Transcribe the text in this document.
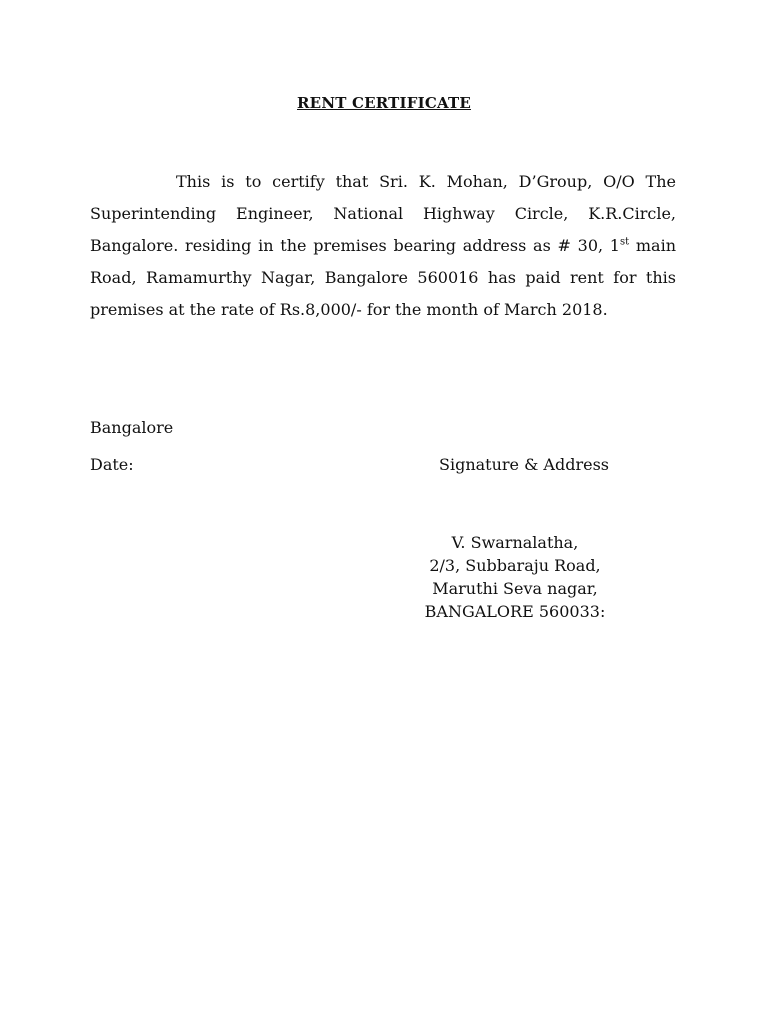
RENT CERTIFICATE

This is to certify that Sri. K. Mohan, D’Group, O/O The Superintending Engineer, National Highway Circle, K.R.Circle, Bangalore. residing in the premises bearing address as # 30, 1st main Road, Ramamurthy Nagar, Bangalore 560016 has paid rent for this premises at the rate of Rs.8,000/- for the month of March 2018.

Bangalore
Date:	Signature & Address
V. Swarnalatha,
2/3, Subbaraju Road,
Maruthi Seva nagar,
BANGALORE 560033:
